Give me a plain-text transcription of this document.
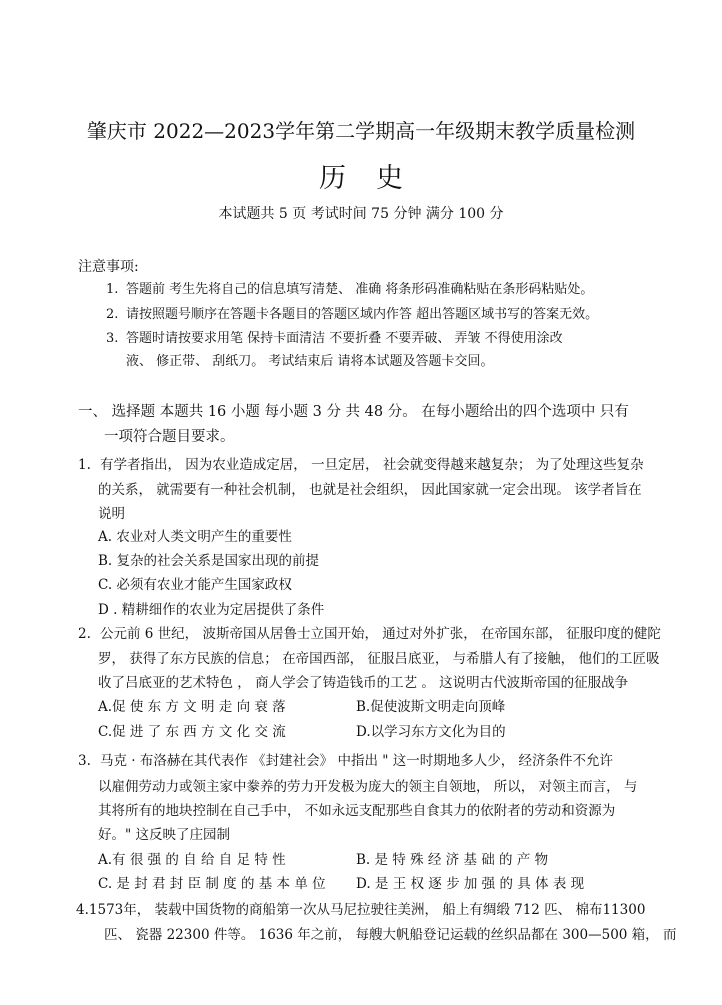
肇庆市 2022—2023学年第二学期高一年级期末教学质量检测
历史
本试题共 5 页 考试时间 75 分钟 满分 100 分
注意事项:
1. 答题前 考生先将自己的信息填写清楚、 准确 将条形码准确粘贴在条形码粘贴处。
2. 请按照题号顺序在答题卡各题目的答题区域内作答 超出答题区域书写的答案无效。
3. 答题时请按要求用笔 保持卡面清洁 不要折叠 不要弄破、 弄皱 不得使用涂改
液、 修正带、 刮纸刀。 考试结束后 请将本试题及答题卡交回。
一、 选择题 本题共 16 小题 每小题 3 分 共 48 分。 在每小题给出的四个选项中 只有
一项符合题目要求。
1. 有学者指出， 因为农业造成定居， 一旦定居， 社会就变得越来越复杂； 为了处理这些复杂
的关系， 就需要有一种社会机制， 也就是社会组织， 因此国家就一定会出现。 该学者旨在
说明
A. 农业对人类文明产生的重要性
B. 复杂的社会关系是国家出现的前提
C. 必须有农业才能产生国家政权
D . 精耕细作的农业为定居提供了条件
2. 公元前 6 世纪， 波斯帝国从居鲁士立国开始， 通过对外扩张， 在帝国东部， 征服印度的健陀
罗， 获得了东方民族的信息； 在帝国西部， 征服吕底亚， 与希腊人有了接触， 他们的工匠吸
收了吕底亚的艺术特色 ， 商人学会了铸造钱币的工艺 。 这说明古代波斯帝国的征服战争
A.促 使 东 方 文 明 走 向 衰 落	B.促使波斯文明走向顶峰
C.促 进 了 东 西 方 文 化 交 流	D.以学习东方文化为目的
3. 马克 · 布洛赫在其代表作 《封建社会》 中指出 " 这一时期地多人少， 经济条件不允许
以雇佣劳动力或领主家中豢养的劳力开发极为庞大的领主自领地， 所以， 对领主而言， 与
其将所有的地块控制在自己手中， 不如永远支配那些自食其力的依附者的劳动和资源为
好。" 这反映了庄园制
A.有 很 强 的 自 给 自 足 特 性	B. 是 特 殊 经 济 基 础 的 产 物
C. 是 封 君 封 臣 制 度 的 基 本 单 位 D. 是 王 权 逐 步 加 强 的 具 体 表 现
4.1573年， 装载中国货物的商船第一次从马尼拉驶往美洲， 船上有绸缎 712 匹、 棉布11300
匹、 瓷器 22300 件等。 1636 年之前， 每艘大帆船登记运载的丝织品都在 300—500 箱， 而
